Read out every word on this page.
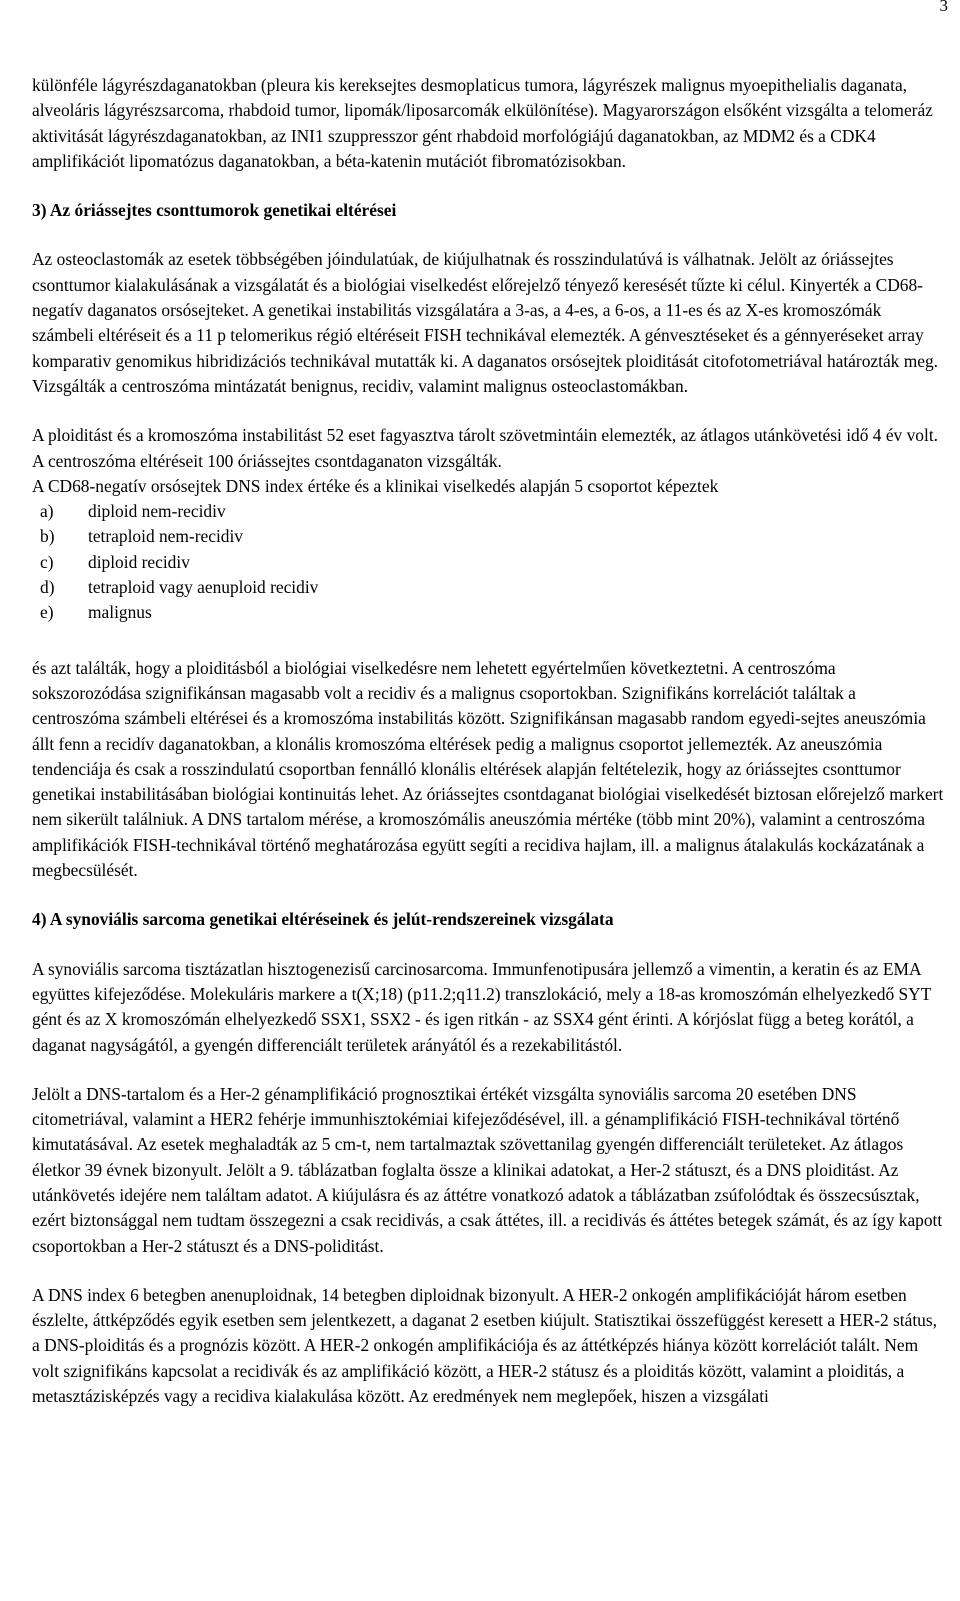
3

különféle lágyrészdaganatokban (pleura kis kereksejtes desmoplaticus tumora, lágyrészek malignus myoepithelialis daganata, alveoláris lágyrészsarcoma, rhabdoid tumor, lipomák/liposarcomák elkülönítése). Magyarországon elsőként vizsgálta a telomeráz aktivitását lágyrészdaganatokban, az INI1 szuppresszor gént rhabdoid morfológiájú daganatokban, az MDM2 és a CDK4 amplifikációt lipomatózus daganatokban, a béta-katenin mutációt fibromatózisokban.

3) Az óriássejtes csonttumorok genetikai eltérései

Az osteoclastomák az esetek többségében jóindulatúak, de kiújulhatnak és rosszindulatúvá is válhatnak. Jelölt az óriássejtes csonttumor kialakulásának a vizsgálatát és a biológiai viselkedést előrejelző tényező keresését tűzte ki célul. Kinyerték a CD68-negatív daganatos orsósejteket. A genetikai instabilitás vizsgálatára a 3-as, a 4-es, a 6-os, a 11-es és az X-es kromoszómák számbeli eltéréseit és a 11 p telomerikus régió eltéréseit FISH technikával elemezték. A génvesztéseket és a génnyeréseket array komparativ genomikus hibridizációs technikával mutatták ki. A daganatos orsósejtek ploiditását citofotometriával határozták meg. Vizsgálták a centroszóma mintázatát benignus, recidiv, valamint malignus osteoclastomákban.

A ploiditást és a kromoszóma instabilitást 52 eset fagyasztva tárolt szövetmintáin elemezték, az átlagos utánkövetési idő 4 év volt. A centroszóma eltéréseit 100 óriássejtes csontdaganaton vizsgálták.

A CD68-negatív orsósejtek DNS index értéke és a klinikai viselkedés alapján 5 csoportot képeztek

a)	diploid nem-recidiv
b)	tetraploid nem-recidiv
c)	diploid recidiv
d)	tetraploid vagy aenuploid recidiv
e)	malignus

és azt találták, hogy a ploiditásból a biológiai viselkedésre nem lehetett egyértelműen következtetni. A centroszóma sokszorozódása szignifikánsan magasabb volt a recidiv és a malignus csoportokban. Szignifikáns korrelációt találtak a centroszóma számbeli eltérései és a kromoszóma instabilitás között. Szignifikánsan magasabb random egyedi-sejtes aneuszómia állt fenn a recidív daganatokban, a klonális kromoszóma eltérések pedig a malignus csoportot jellemezték. Az aneuszómia tendenciája és csak a rosszindulatú csoportban fennálló klonális eltérések alapján feltételezik, hogy az óriássejtes csonttumor genetikai instabilitásában biológiai kontinuitás lehet. Az óriássejtes csontdaganat biológiai viselkedését biztosan előrejelző markert nem sikerült találniuk. A DNS tartalom mérése, a kromoszómális aneuszómia mértéke (több mint 20%), valamint a centroszóma amplifikációk FISH-technikával történő meghatározása együtt segíti a recidiva hajlam, ill. a malignus átalakulás kockázatának a megbecsülését.

4) A synoviális sarcoma genetikai eltéréseinek és jelút-rendszereinek vizsgálata

A synoviális sarcoma tisztázatlan hisztogenezisű carcinosarcoma. Immunfenotipusára jellemző a vimentin, a keratin és az EMA együttes kifejeződése. Molekuláris markere a t(X;18) (p11.2;q11.2) transzlokáció, mely a 18-as kromoszómán elhelyezkedő SYT gént és az X kromoszómán elhelyezkedő SSX1, SSX2 - és igen ritkán - az SSX4 gént érinti. A kórjóslat függ a beteg korától, a daganat nagyságától, a gyengén differenciált területek arányától és a rezekabilitástól.

Jelölt a DNS-tartalom és a Her-2 génamplifikáció prognosztikai értékét vizsgálta synoviális sarcoma 20 esetében DNS citometriával, valamint a HER2 fehérje immunhisztokémiai kifejeződésével, ill. a génamplifikáció FISH-technikával történő kimutatásával. Az esetek meghaladták az 5 cm-t, nem tartalmaztak szövettanilag gyengén differenciált területeket. Az átlagos életkor 39 évnek bizonyult. Jelölt a 9. táblázatban foglalta össze a klinikai adatokat, a Her-2 státuszt, és a DNS ploiditást. Az utánkövetés idejére nem találtam adatot. A kiújulásra és az áttétre vonatkozó adatok a táblázatban zsúfolódtak és összecsúsztak, ezért biztonsággal nem tudtam összegezni a csak recidivás, a csak áttétes, ill. a recidivás és áttétes betegek számát, és az így kapott csoportokban a Her-2 státuszt és a DNS-poliditást.

A DNS index 6 betegben anenuploidnak, 14 betegben diploidnak bizonyult. A HER-2 onkogén amplifikációját három esetben észlelte, áttképződés egyik esetben sem jelentkezett, a daganat 2 esetben kiújult. Statisztikai összefüggést keresett a HER-2 státus, a DNS-ploiditás és a prognózis között. A HER-2 onkogén amplifikációja és az áttétképzés hiánya között korrelációt talált. Nem volt szignifikáns kapcsolat a recidivák és az amplifikáció között, a HER-2 státusz és a ploiditás között, valamint a ploiditás, a metasztázisképzés vagy a recidiva kialakulása között. Az eredmények nem meglepőek, hiszen a vizsgálati
